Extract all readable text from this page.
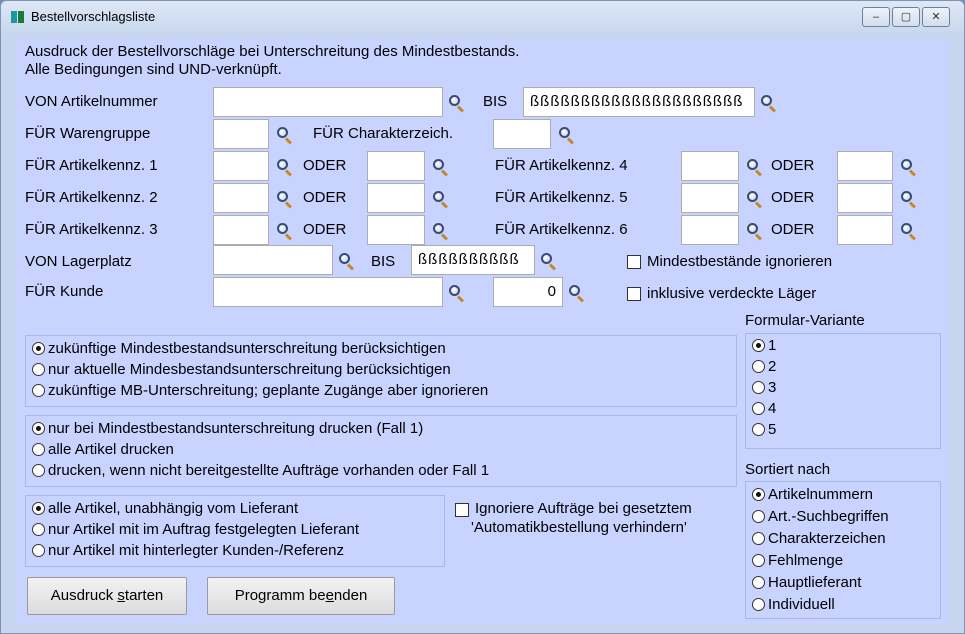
Bestellvorschlagsliste	–	▢	✕
Ausdruck der Bestellvorschläge bei Unterschreitung des Mindestbestands.
Alle Bedingungen sind UND-verknüpft.
VON Artikelnummer	BIS	ßßßßßßßßßßßßßßßßßßßßß
FÜR Warengruppe	FÜR Charakterzeich.
FÜR Artikelkennz. 1	ODER	FÜR Artikelkennz. 4	ODER
FÜR Artikelkennz. 2	ODER	FÜR Artikelkennz. 5	ODER
FÜR Artikelkennz. 3	ODER	FÜR Artikelkennz. 6	ODER
VON Lagerplatz	BIS	ßßßßßßßßßß	Mindestbestände ignorieren
FÜR Kunde	0	inklusive verdeckte Läger
zukünftige Mindestbestandsunterschreitung berücksichtigen
nur aktuelle Mindesbestandsunterschreitung berücksichtigen
zukünftige MB-Unterschreitung; geplante Zugänge aber ignorieren
nur bei Mindestbestandsunterschreitung drucken (Fall 1)
alle Artikel drucken
drucken, wenn nicht bereitgestellte Aufträge vorhanden oder Fall 1
alle Artikel, unabhängig vom Lieferant
nur Artikel mit im Auftrag festgelegten Lieferant
nur Artikel mit hinterlegter Kunden-/Referenz
Ignoriere Aufträge bei gesetztem
'Automatikbestellung verhindern'
Formular-Variante
1
2
3
4
5
Sortiert nach
Artikelnummern
Art.-Suchbegriffen
Charakterzeichen
Fehlmenge
Hauptlieferant
Individuell
Ausdruck starten	Programm beenden
